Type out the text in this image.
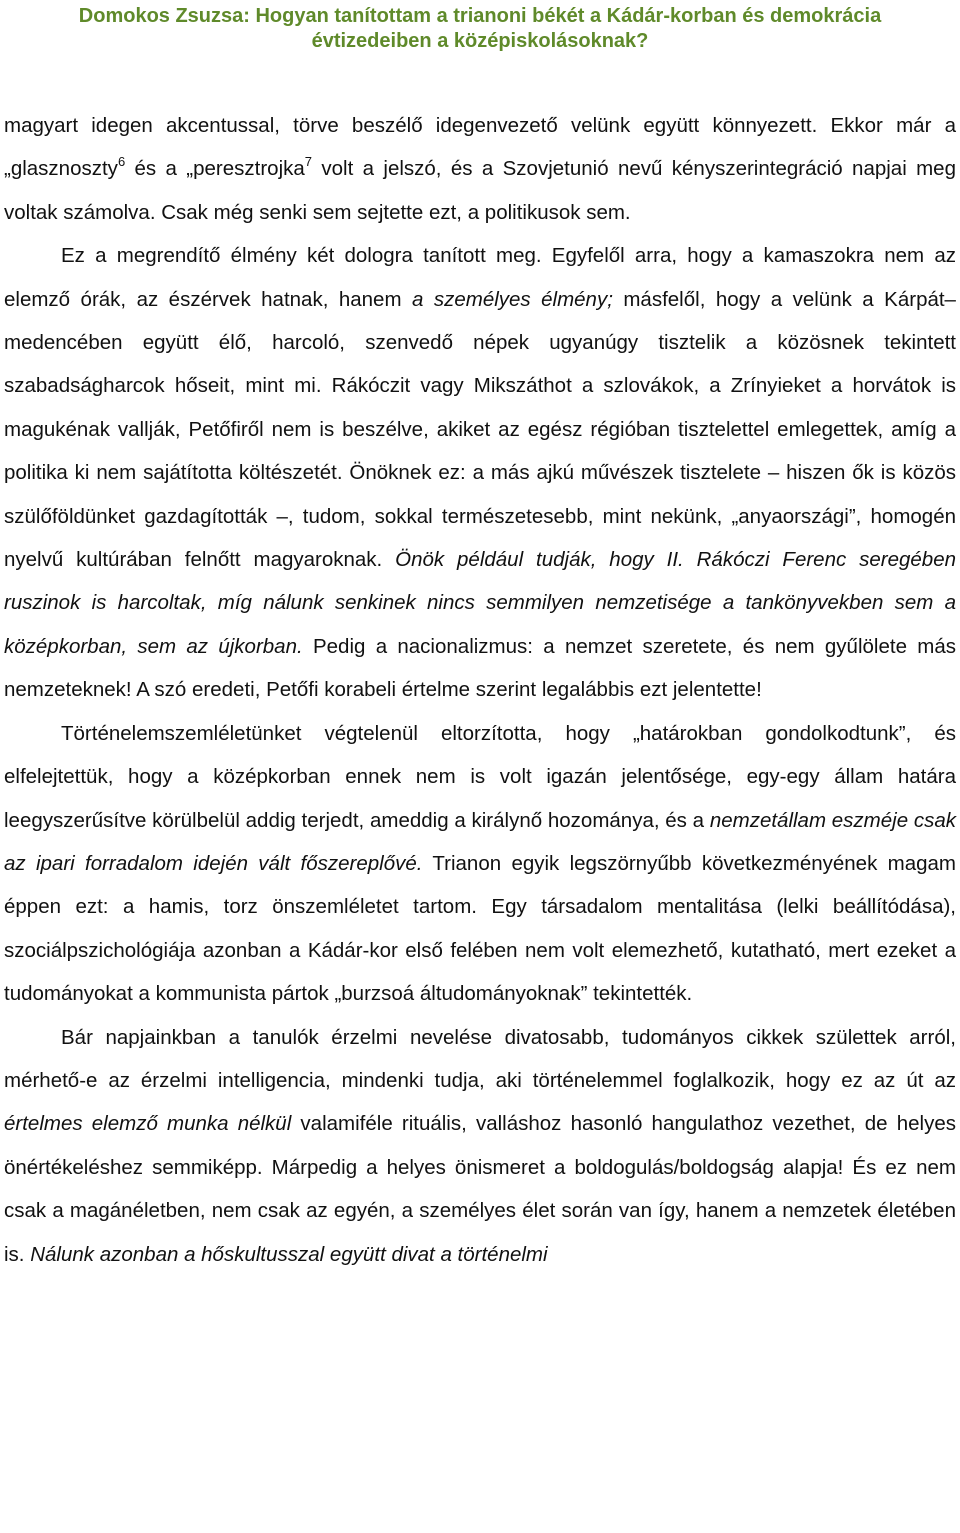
Domokos Zsuzsa: Hogyan tanítottam a trianoni békét a Kádár-korban és demokrácia
évtizedeiben a középiskolásoknak?

magyart idegen akcentussal, törve beszélő idegenvezető velünk együtt könnyezett. Ekkor már a „glasznoszty$^6$ és a „peresztrojka$^7$ volt a jelszó, és a Szovjetunió nevű kényszerintegráció napjai meg voltak számolva. Csak még senki sem sejtette ezt, a politikusok sem.

Ez a megrendítő élmény két dologra tanított meg. Egyfelől arra, hogy a kamaszokra nem az elemző órák, az észérvek hatnak, hanem a személyes élmény; másfelől, hogy a velünk a Kárpát–medencében együtt élő, harcoló, szenvedő népek ugyanúgy tisztelik a közösnek tekintett szabadságharcok hőseit, mint mi. Rákóczit vagy Mikszáthot a szlovákok, a Zrínyieket a horvátok is magukénak vallják, Petőfiről nem is beszélve, akiket az egész régióban tisztelettel emlegettek, amíg a politika ki nem sajátította költészetét. Önöknek ez: a más ajkú művészek tisztelete – hiszen ők is közös szülőföldünket gazdagították –, tudom, sokkal természetesebb, mint nekünk, „anyaországi”, homogén nyelvű kultúrában felnőtt magyaroknak. Önök például tudják, hogy II. Rákóczi Ferenc seregében ruszinok is harcoltak, míg nálunk senkinek nincs semmilyen nemzetisége a tankönyvekben sem a középkorban, sem az újkorban. Pedig a nacionalizmus: a nemzet szeretete, és nem gyűlölete más nemzeteknek! A szó eredeti, Petőfi korabeli értelme szerint legalábbis ezt jelentette!

Történelemszemléletünket végtelenül eltorzította, hogy „határokban gondolkodtunk”, és elfelejtettük, hogy a középkorban ennek nem is volt igazán jelentősége, egy-egy állam határa leegyszerűsítve körülbelül addig terjedt, ameddig a királynő hozománya, és a nemzetállam eszméje csak az ipari forradalom idején vált főszereplővé. Trianon egyik legszörnyűbb következményének magam éppen ezt: a hamis, torz önszemléletet tartom. Egy társadalom mentalitása (lelki beállítódása), szociálpszichológiája azonban a Kádár-kor első felében nem volt elemezhető, kutatható, mert ezeket a tudományokat a kommunista pártok „burzsoá áltudományoknak” tekintették.

Bár napjainkban a tanulók érzelmi nevelése divatosabb, tudományos cikkek születtek arról, mérhető-e az érzelmi intelligencia, mindenki tudja, aki történelemmel foglalkozik, hogy ez az út az értelmes elemző munka nélkül valamiféle rituális, valláshoz hasonló hangulathoz vezethet, de helyes önértékeléshez semmiképp. Márpedig a helyes önismeret a boldogulás/boldogság alapja! És ez nem csak a magánéletben, nem csak az egyén, a személyes élet során van így, hanem a nemzetek életében is. Nálunk azonban a hőskultusszal együtt divat a történelmi
